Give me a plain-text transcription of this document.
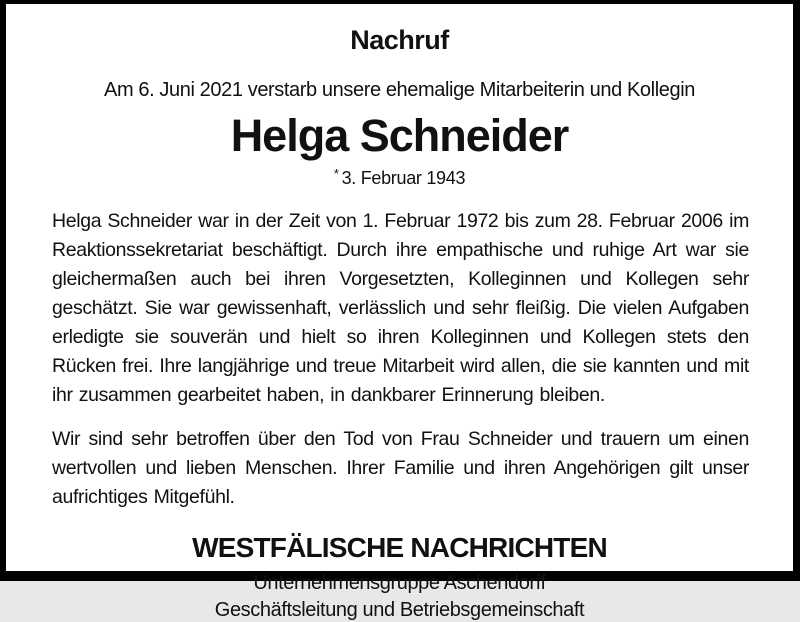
Nachruf
Am 6. Juni 2021 verstarb unsere ehemalige Mitarbeiterin und Kollegin
Helga Schneider
* 3. Februar 1943

Helga Schneider war in der Zeit von 1. Februar 1972 bis zum 28. Februar 2006 im Reaktionssekretariat beschäftigt. Durch ihre empathische und ruhige Art war sie gleichermaßen auch bei ihren Vorgesetzten, Kolleginnen und Kollegen sehr geschätzt. Sie war gewissenhaft, verlässlich und sehr fleißig. Die vielen Aufgaben erledigte sie souverän und hielt so ihren Kolleginnen und Kollegen stets den Rücken frei. Ihre langjährige und treue Mitarbeit wird allen, die sie kannten und mit ihr zusammen gearbeitet haben, in dankbarer Erinnerung bleiben.

Wir sind sehr betroffen über den Tod von Frau Schneider und trauern um einen wertvollen und lieben Menschen. Ihrer Familie und ihren Angehörigen gilt unser aufrichtiges Mitgefühl.

WESTFÄLISCHE NACHRICHTEN
Unternehmensgruppe Aschendorff
Geschäftsleitung und Betriebsgemeinschaft
